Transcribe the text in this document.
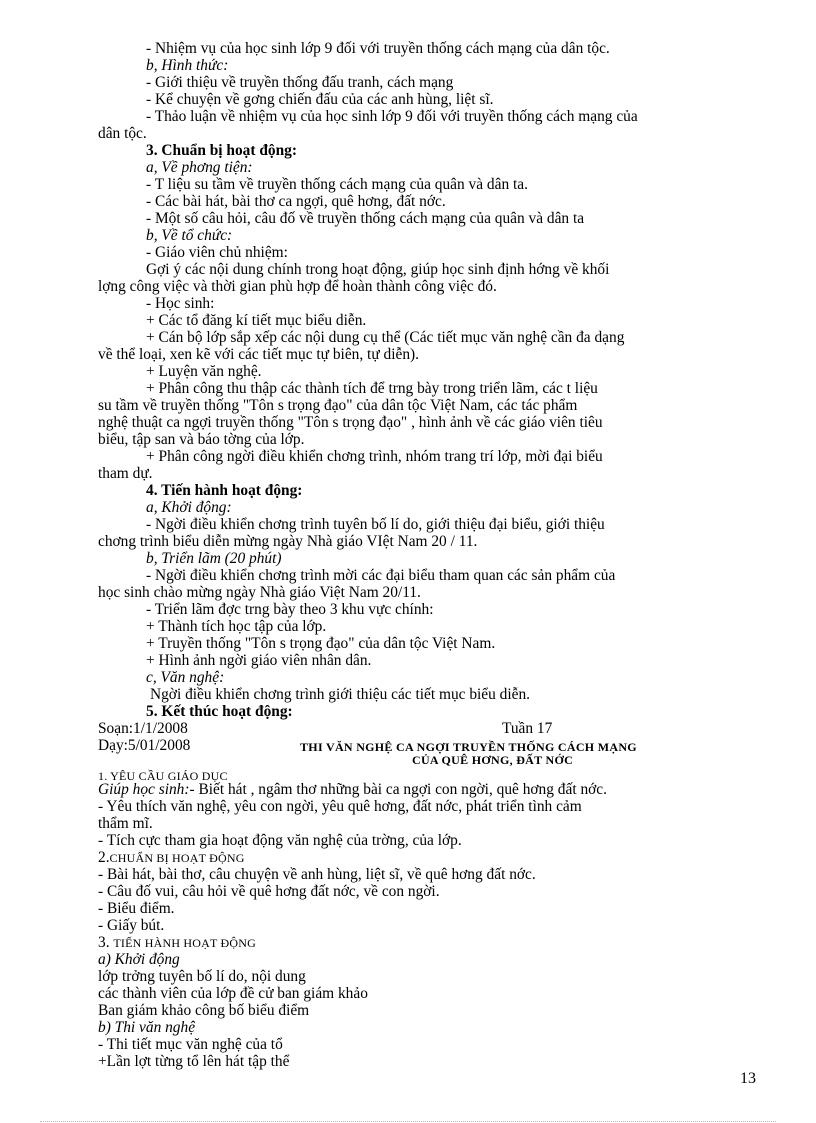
- Nhiệm vụ của học sinh lớp 9 đối với truyền thống cách mạng của dân tộc.
b, Hình thức:
- Giới thiệu về truyền thống đấu tranh, cách mạng
- Kể chuyện về gơng chiến đấu của các anh hùng, liệt sĩ.
- Thảo luận về nhiệm vụ của học sinh lớp 9 đối với truyền thống cách mạng của
dân tộc.
3. Chuẩn bị hoạt động:
a, Về phơng tiện:
- T liệu su tầm về truyền thống cách mạng của quân và dân ta.
- Các bài hát, bài thơ ca ngợi, quê hơng, đất nớc.
- Một số câu hỏi, câu đố về truyền thống cách mạng của quân và dân ta
b, Về tổ chức:
- Giáo viên chủ nhiệm:
Gợi ý các nội dung chính trong hoạt động, giúp học sinh định hớng về khối
lợng công việc và thời gian phù hợp để hoàn thành công việc đó.
- Học sinh:
+ Các tổ đăng kí tiết mục biểu diễn.
+ Cán bộ lớp sắp xếp các nội dung cụ thể (Các tiết mục văn nghệ cần đa dạng
về thể loại, xen kẽ với các tiết mục tự biên, tự diễn).
+ Luyện văn nghệ.
+ Phân công thu thập các thành tích để trng bày trong triển lãm, các t liệu
su tầm về truyền thống "Tôn s trọng đạo" của dân tộc Việt Nam, các tác phẩm
nghệ thuật ca ngợi truyền thống "Tôn s trọng đạo" , hình ảnh về các giáo viên tiêu
biểu, tập san và báo tờng của lớp.
+ Phân công ngời điều khiển chơng trình, nhóm trang trí lớp, mời đại biểu
tham dự.
4. Tiến hành hoạt động:
a, Khởi động:
- Ngời điều khiển chơng trình tuyên bố lí do, giới thiệu đại biểu, giới thiệu
chơng trình biểu diễn mừng ngày Nhà giáo VIệt Nam 20 / 11.
b, Triển lãm (20 phút)
- Ngời điều khiển chơng trình mời các đại biểu tham quan các sản phẩm của
học sinh chào mừng ngày Nhà giáo Việt Nam 20/11.
- Triển lãm đợc trng bày theo 3 khu vực chính:
+ Thành tích học tập của lớp.
+ Truyền thống "Tôn s trọng đạo" của dân tộc Việt Nam.
+ Hình ảnh ngời giáo viên nhân dân.
c, Văn nghệ:
Ngời điều khiển chơng trình giới thiệu các tiết mục biểu diễn.
5. Kết thúc hoạt động:
Soạn:1/1/2008	Tuần 17
Dạy:5/01/2008	THI VĂN NGHỆ CA NGỢI TRUYỀN THỐNG CÁCH MẠNG
CỦA QUÊ HƠNG, ĐẤT NỚC
1. YÊU CẦU GIÁO DỤC
Giúp học sinh:- Biết hát , ngâm thơ những bài ca ngợi con ngời, quê hơng đất nớc.
- Yêu thích văn nghệ, yêu con ngời, yêu quê hơng, đất nớc, phát triển tình cảm
thẩm mĩ.
- Tích cực tham gia hoạt động văn nghệ của trờng, của lớp.
2.CHUẨN BỊ HOẠT ĐỘNG
- Bài hát, bài thơ, câu chuyện về anh hùng, liệt sĩ, về quê hơng đất nớc.
- Câu đố vui, câu hỏi về quê hơng đất nớc, về con ngời.
- Biểu điểm.
- Giấy bút.
3. TIẾN HÀNH HOẠT ĐỘNG
a) Khởi động
lớp trởng tuyên bố lí do, nội dung
các thành viên của lớp đề cử ban giám khảo
Ban giám khảo công bố biểu điểm
b) Thi văn nghệ
- Thi tiết mục văn nghệ của tổ
+Lần lợt từng tổ lên hát tập thể
13
